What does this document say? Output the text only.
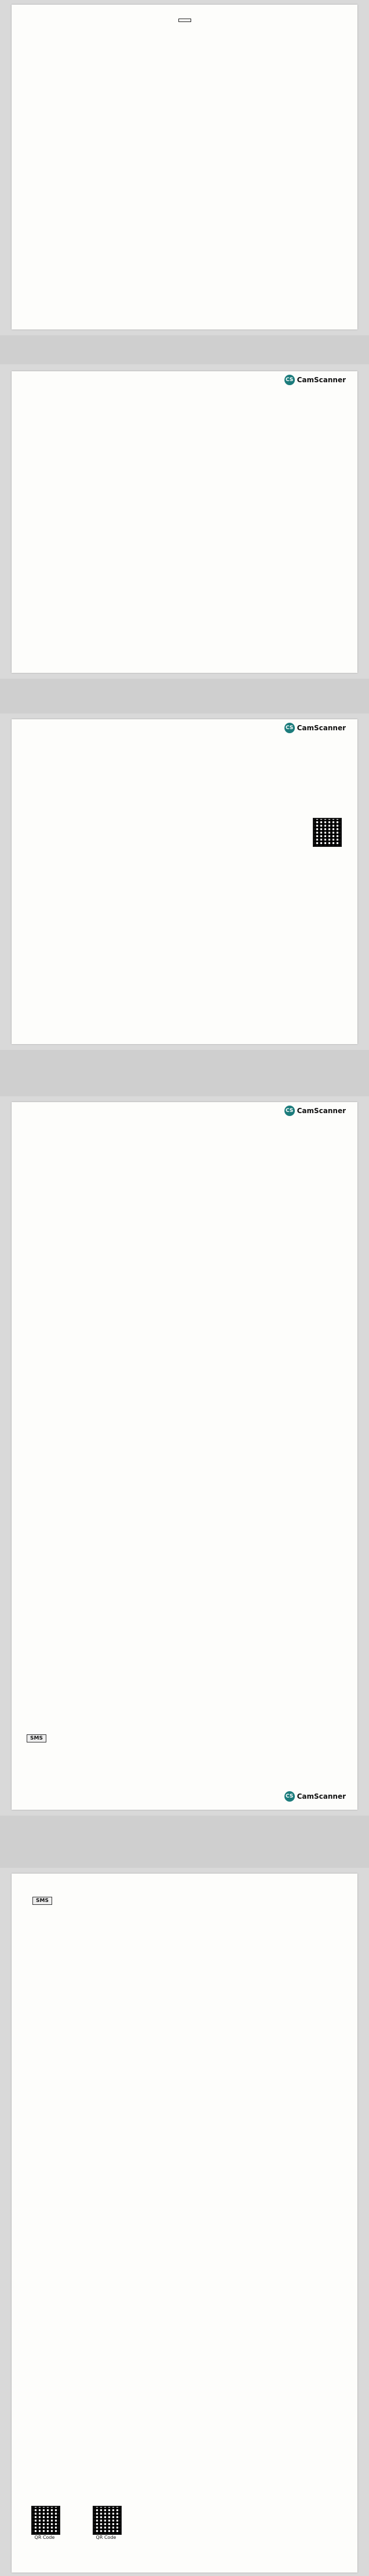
CS CamScanner
CS CamScanner
CS CamScanner
SMS
CS CamScanner
SMS
QR Code	QR Code
